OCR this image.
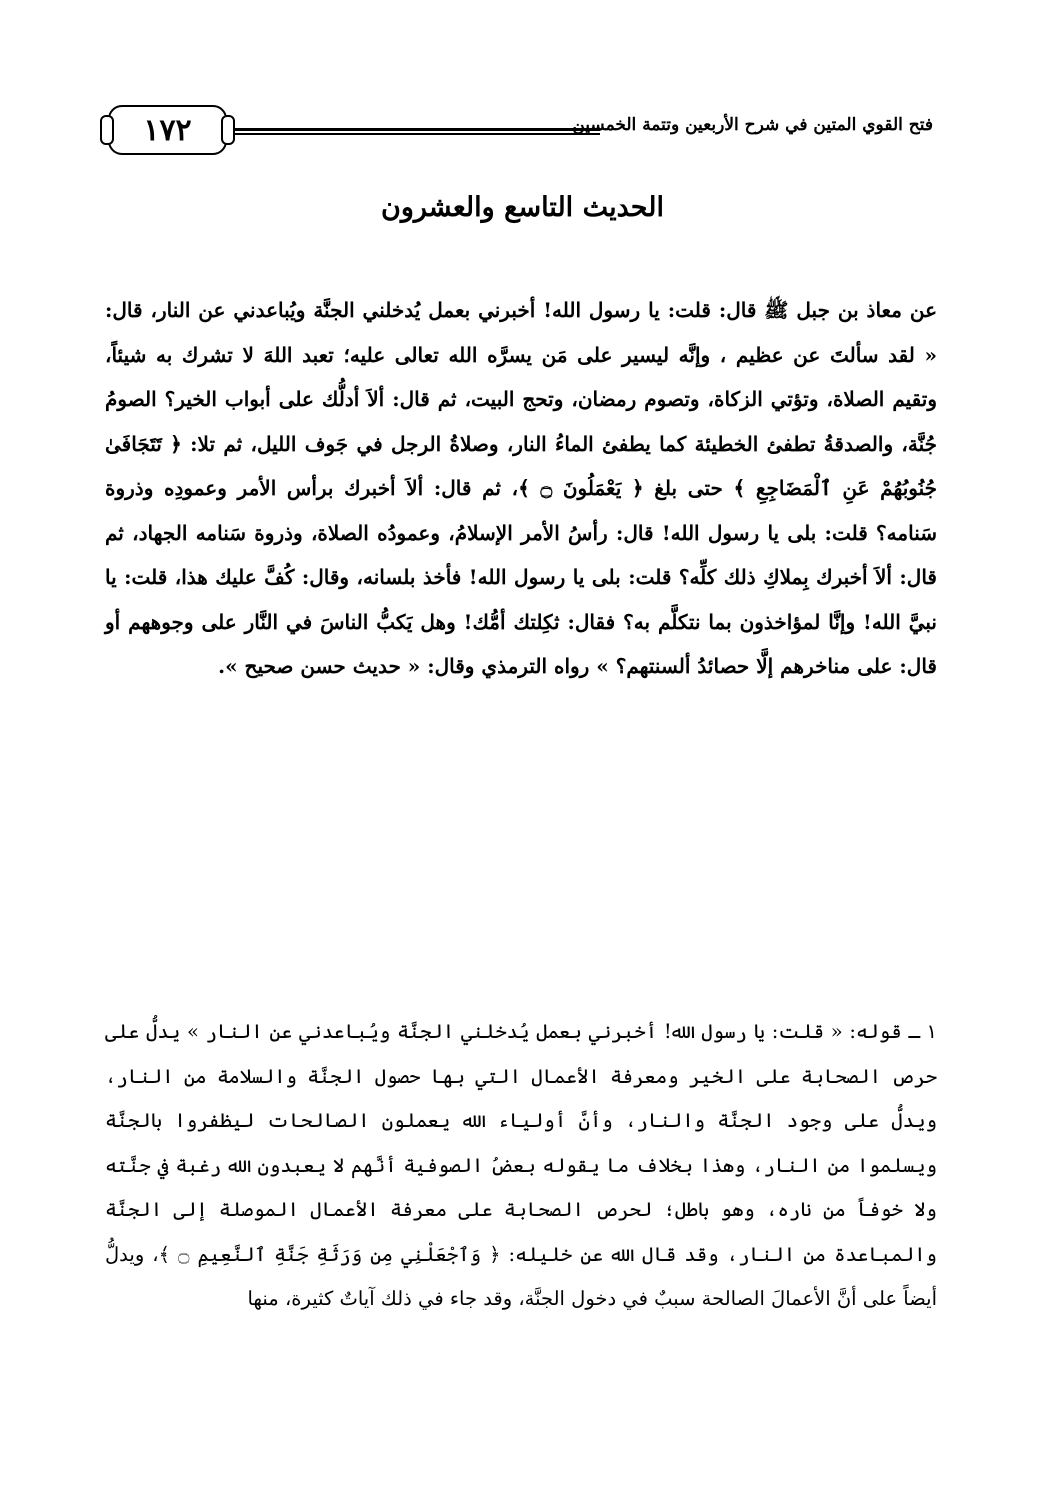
١٧٢	فتح القوي المتين في شرح الأربعين وتتمة الخمسين
الحديث التاسع والعشرون
عن معاذ بن جبل ﷺ قال: قلت: يا رسول الله! أخبرني بعمل يُدخلني الجنَّة ويُباعدني عن النار، قال: « لقد سألتَ عن عظيم ، وإنَّه ليسير على مَن يسرَّه الله تعالى عليه؛ تعبد اللهَ لا تشرك به شيئاً، وتقيم الصلاة، وتؤتي الزكاة، وتصوم رمضان، وتحج البيت، ثم قال: ألاَ أدلُّك على أبواب الخير؟ الصومُ جُنَّة، والصدقةُ تطفئ الخطيئة كما يطفئ الماءُ النار، وصلاةُ الرجل في جَوف الليل، ثم تلا: ﴿ تَتَجَافَىٰ جُنُوبُهُمْ عَنِ ٱلْمَضَاجِعِ ﴾ حتى بلغ ﴿ يَعْمَلُونَ ۝ ﴾، ثم قال: ألاَ أخبرك برأس الأمر وعمودِه وذروة سَنامه؟ قلت: بلى يا رسول الله! قال: رأسُ الأمر الإسلامُ، وعمودُه الصلاة، وذروة سَنامه الجهاد، ثم قال: ألاَ أخبرك بِملاكِ ذلك كلِّه؟ قلت: بلى يا رسول الله! فأخذ بلسانه، وقال: كُفَّ عليك هذا، قلت: يا نبيَّ الله! وإنَّا لمؤاخذون بما نتكلَّم به؟ فقال: ثكِلتك أمُّك! وهل يَكبُّ الناسَ في النَّار على وجوههم أو قال: على مناخرهم إلَّا حصائدُ ألسنتهم؟ » رواه الترمذي وقال: « حديث حسن صحيح ».
١ ـ قوله: « قلت: يا رسول الله! أخبرني بعمل يُدخلني الجنَّة ويُباعدني عن النار » يدلُّ على حرص الصحابة على الخير ومعرفة الأعمال التي بها حصول الجنَّة والسلامة من النار، ويدلُّ على وجود الجنَّة والنار، وأنَّ أولياء الله يعملون الصالحات ليظفروا بالجنَّة ويسلموا من النار، وهذا بخلاف ما يقوله بعضُ الصوفية أنَّهم لا يعبدون الله رغبة في جنَّته ولا خوفاً من ناره، وهو باطل؛ لحرص الصحابة على معرفة الأعمال الموصلة إلى الجنَّة والمباعدة من النار، وقد قال الله عن خليله: ﴿ وَٱجْعَلْنِي مِن وَرَثَةِ جَنَّةِ ٱلنَّعِيمِ ۝ ﴾، ويدلُّ أيضاً على أنَّ الأعمالَ الصالحة سببٌ في دخول الجنَّة، وقد جاء في ذلك آياتٌ كثيرة، منها
